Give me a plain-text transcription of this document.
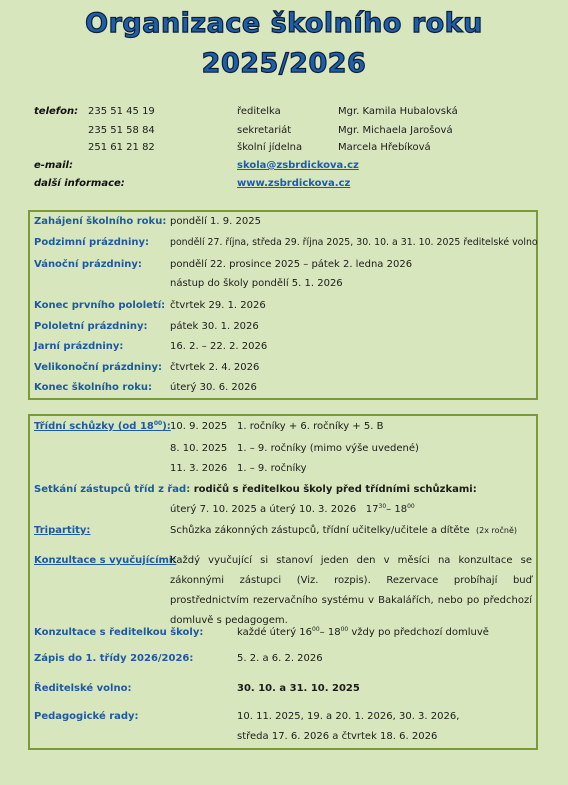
Organizace školního roku
2025/2026
telefon: 235 51 45 19	ředitelka	Mgr. Kamila Hubalovská
235 51 58 84	sekretariát	Mgr. Michaela Jarošová
251 61 21 82	školní jídelna	Marcela Hřebíková
e-mail:	skola@zsbrdickova.cz
další informace:	www.zsbrdickova.cz
Zahájení školního roku: pondělí 1. 9. 2025
Podzimní prázdniny: pondělí 27. října, středa 29. října 2025, 30. 10. a 31. 10. 2025 ředitelské volno
Vánoční prázdniny:	pondělí 22. prosince 2025 – pátek 2. ledna 2026
nástup do školy pondělí 5. 1. 2026
Konec prvního pololetí: čtvrtek 29. 1. 2026
Pololetní prázdniny: pátek 30. 1. 2026
Jarní prázdniny:	16. 2. – 22. 2. 2026
Velikonoční prázdniny: čtvrtek 2. 4. 2026
Konec školního roku: úterý 30. 6. 2026
Třídní schůzky (od $18^{00}$): 10. 9. 2025 1. ročníky + 6. ročníky + 5. B
8. 10. 2025 1. – 9. ročníky (mimo výše uvedené)
11. 3. 2026 1. – 9. ročníky
Setkání zástupců tříd z řad: rodičů s ředitelkou školy před třídními schůzkami:
úterý 7. 10. 2025 a úterý 10. 3. 2026 $17^{30}-$ $18^{00}$
Tripartity:	Schůzka zákonných zástupců, třídní učitelky/učitele a dítěte (2x ročně)
Konzultace s vyučujícími:
Každý vyučující si stanoví jeden den v měsíci na konzultace se zákonnými zástupci (Viz. rozpis). Rezervace probíhají buď prostřednictvím rezervačního systému v Bakalářích, nebo po předchozí domluvě s pedagogem.
Konzultace s ředitelkou školy:	každé úterý $16^{00}-$ $18^{00}$ vždy po předchozí domluvě
Zápis do 1. třídy 2026/2026:	5. 2. a 6. 2. 2026
Ředitelské volno:	30. 10. a 31. 10. 2025
Pedagogické rady:	10. 11. 2025, 19. a 20. 1. 2026, 30. 3. 2026,
středa 17. 6. 2026 a čtvrtek 18. 6. 2026
